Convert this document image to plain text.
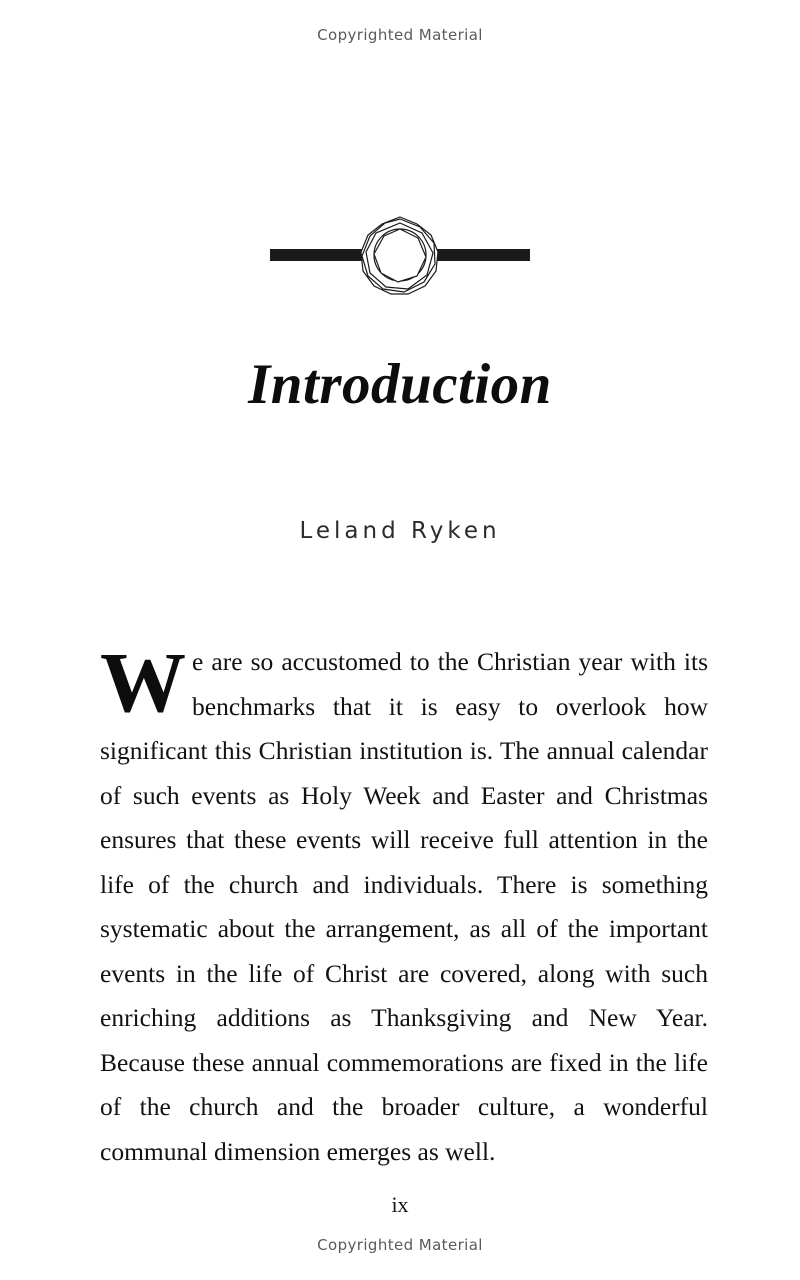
Copyrighted Material
Introduction
Leland Ryken
We are so accustomed to the Christian year with its benchmarks that it is easy to overlook how significant this Christian institution is. The annual calendar of such events as Holy Week and Easter and Christmas ensures that these events will receive full attention in the life of the church and individuals. There is something systematic about the arrangement, as all of the important events in the life of Christ are covered, along with such enriching additions as Thanksgiving and New Year. Because these annual commemorations are fixed in the life of the church and the broader culture, a wonderful communal dimension emerges as well.
ix
Copyrighted Material
